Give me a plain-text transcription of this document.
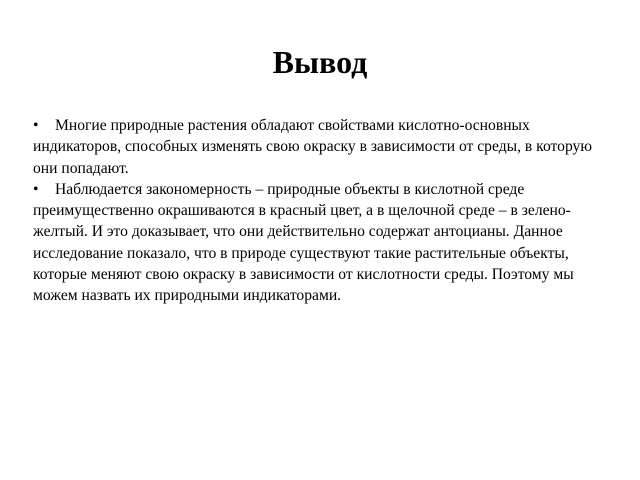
Вывод

• Многие природные растения обладают свойствами кислотно-основных индикаторов, способных изменять свою окраску в зависимости от среды, в которую они попадают.

• Наблюдается закономерность – природные объекты в кислотной среде преимущественно окрашиваются в красный цвет, а в щелочной среде – в зелено-желтый. И это доказывает, что они действительно содержат антоцианы. Данное исследование показало, что в природе существуют такие растительные объекты, которые меняют свою окраску в зависимости от кислотности среды. Поэтому мы можем назвать их природными индикаторами.
